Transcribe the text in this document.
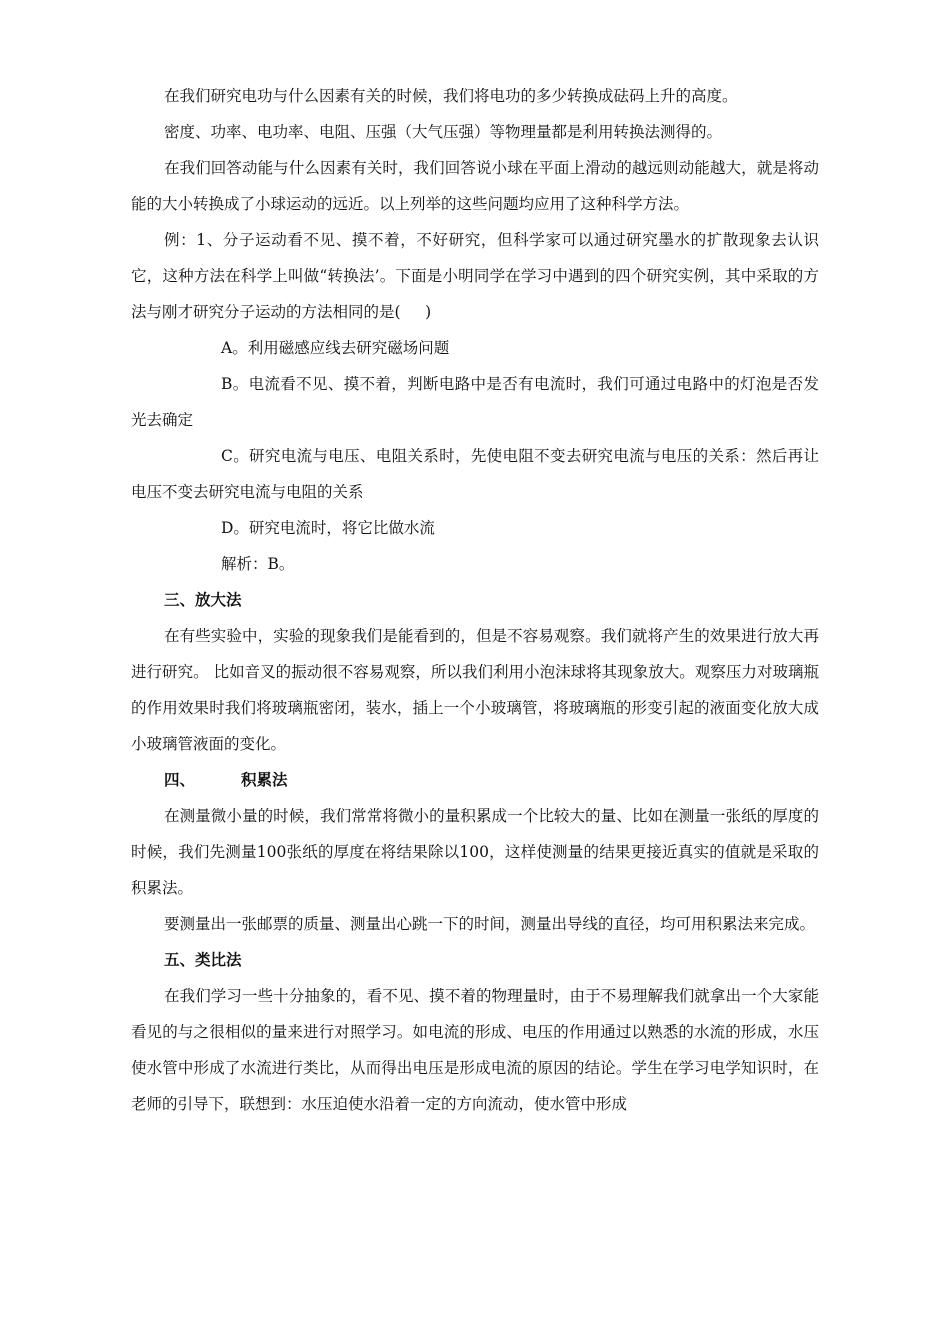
在我们研究电功与什么因素有关的时候，我们将电功的多少转换成砝码上升的高度。

密度、功率、电功率、电阻、压强（大气压强）等物理量都是利用转换法测得的。

在我们回答动能与什么因素有关时，我们回答说小球在平面上滑动的越远则动能越大，就是将动能的大小转换成了小球运动的远近。以上列举的这些问题均应用了这种科学方法。

例：1、分子运动看不见、摸不着，不好研究，但科学家可以通过研究墨水的扩散现象去认识它，这种方法在科学上叫做“转换法’。下面是小明同学在学习中遇到的四个研究实例，其中采取的方法与刚才研究分子运动的方法相同的是(     )

A。利用磁感应线去研究磁场问题

B。电流看不见、摸不着，判断电路中是否有电流时，我们可通过电路中的灯泡是否发光去确定

C。研究电流与电压、电阻关系时，先使电阻不变去研究电流与电压的关系：然后再让电压不变去研究电流与电阻的关系

D。研究电流时，将它比做水流

解析：B。

三、放大法

在有些实验中，实验的现象我们是能看到的，但是不容易观察。我们就将产生的效果进行放大再进行研究。 比如音叉的振动很不容易观察，所以我们利用小泡沫球将其现象放大。观察压力对玻璃瓶的作用效果时我们将玻璃瓶密闭，装水，插上一个小玻璃管，将玻璃瓶的形变引起的液面变化放大成小玻璃管液面的变化。

四、	积累法

在测量微小量的时候，我们常常将微小的量积累成一个比较大的量、比如在测量一张纸的厚度的时候，我们先测量100张纸的厚度在将结果除以100，这样使测量的结果更接近真实的值就是采取的积累法。

要测量出一张邮票的质量、测量出心跳一下的时间，测量出导线的直径，均可用积累法来完成。

五、类比法

在我们学习一些十分抽象的，看不见、摸不着的物理量时，由于不易理解我们就拿出一个大家能看见的与之很相似的量来进行对照学习。如电流的形成、电压的作用通过以熟悉的水流的形成，水压使水管中形成了水流进行类比，从而得出电压是形成电流的原因的结论。学生在学习电学知识时，在老师的引导下，联想到：水压迫使水沿着一定的方向流动，使水管中形成
